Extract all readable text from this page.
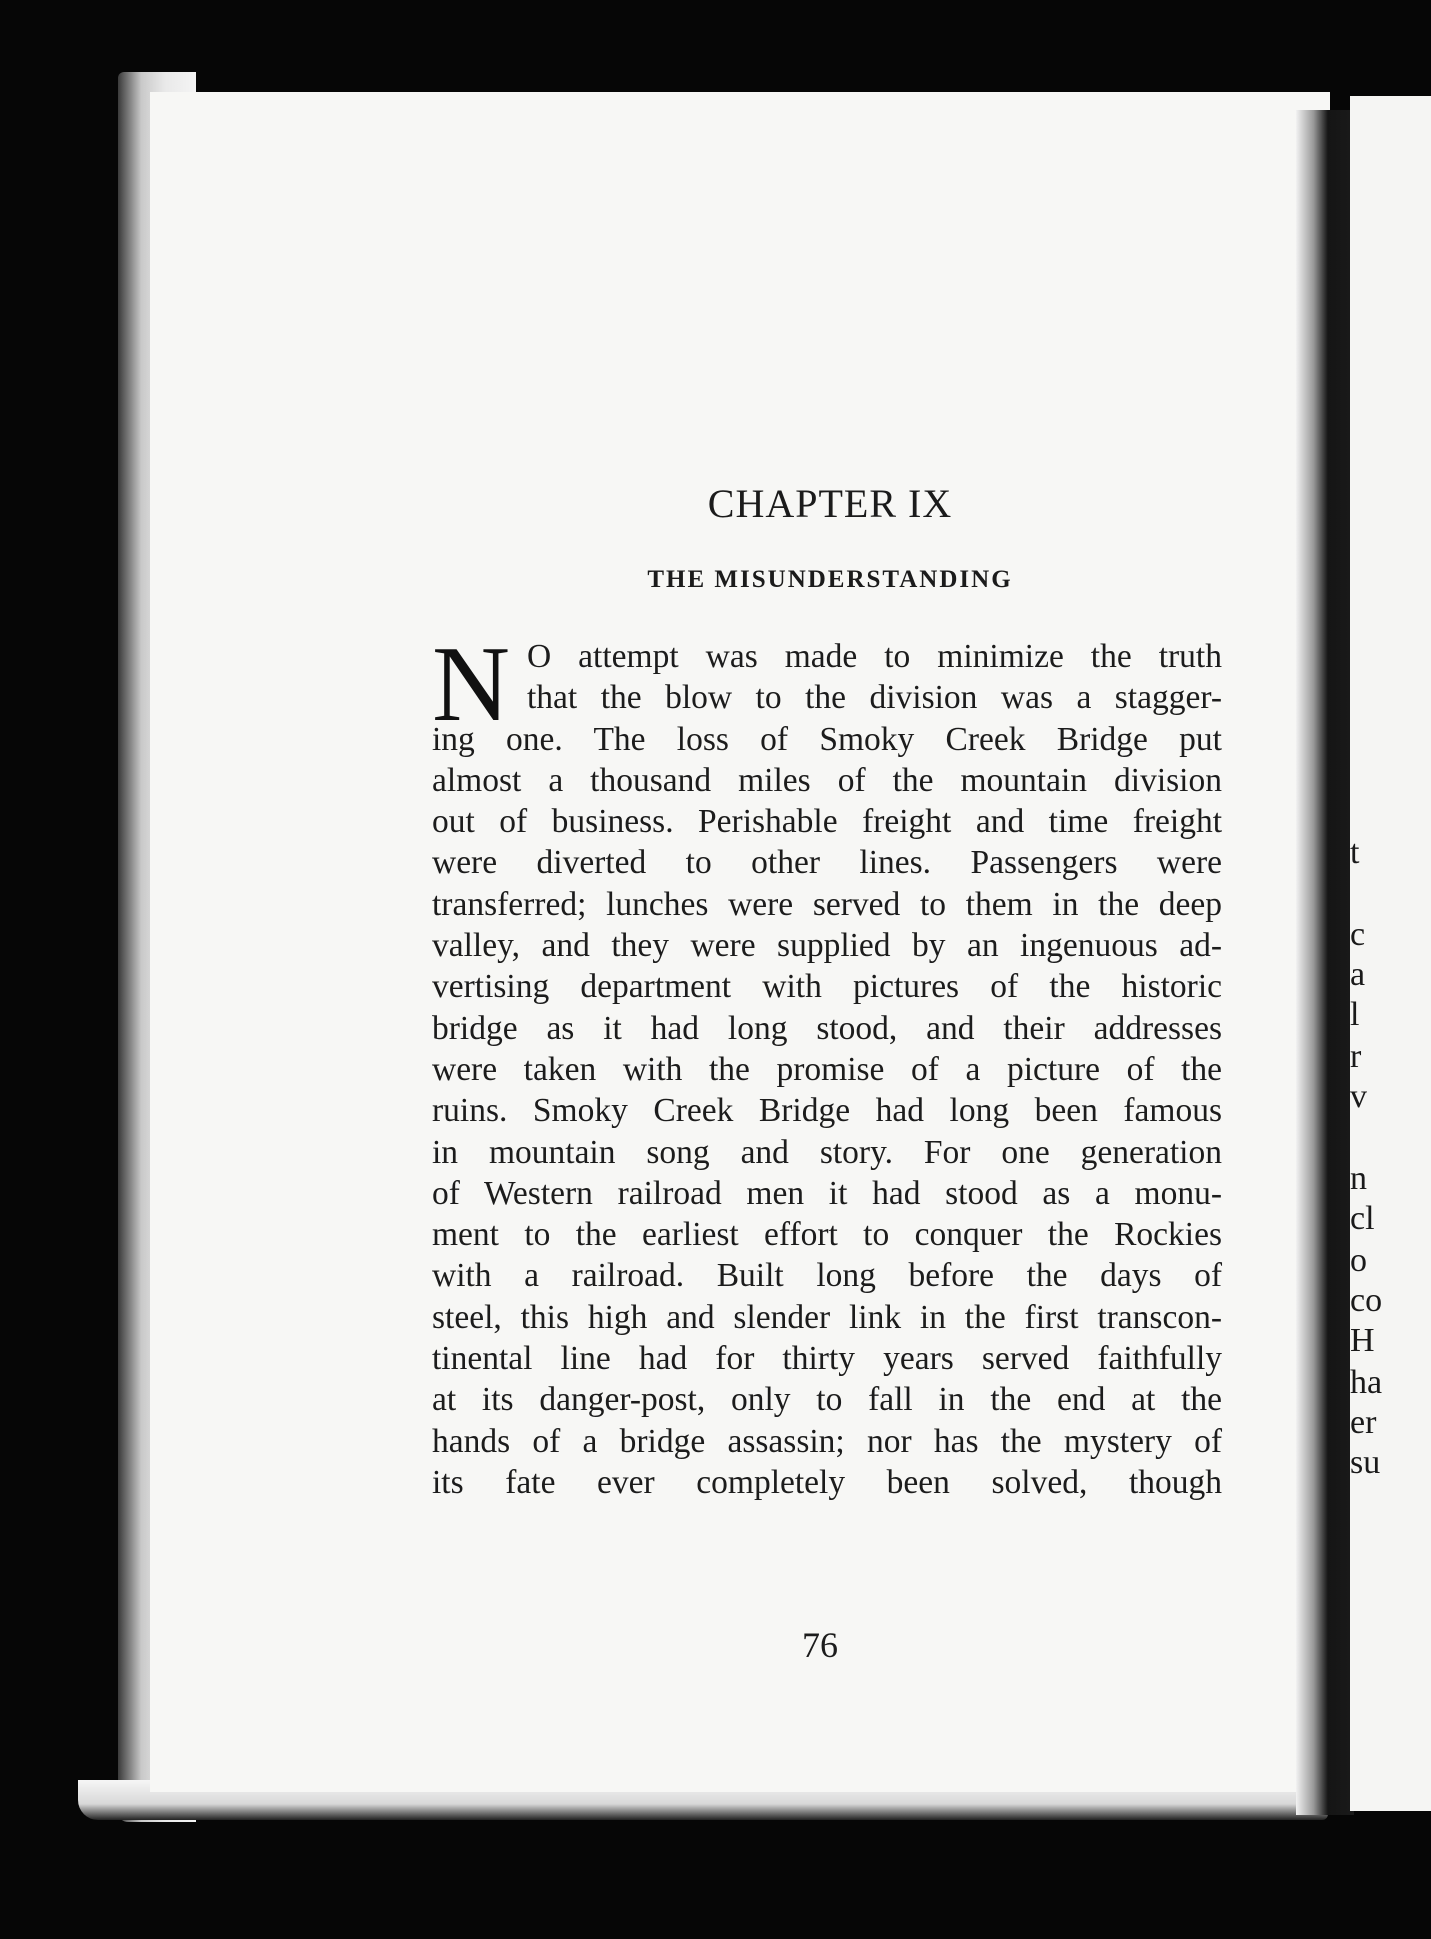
t
c
a
l
r
v
n
cl
o
co
H
ha
er
su
CHAPTER IX
THE MISUNDERSTANDING
N O attempt was made to minimize the truth
that the blow to the division was a stagger-
ing one. The loss of Smoky Creek Bridge put
almost a thousand miles of the mountain division
out of business. Perishable freight and time freight
were diverted to other lines. Passengers were
transferred; lunches were served to them in the deep
valley, and they were supplied by an ingenuous ad-
vertising department with pictures of the historic
bridge as it had long stood, and their addresses
were taken with the promise of a picture of the
ruins. Smoky Creek Bridge had long been famous
in mountain song and story. For one generation
of Western railroad men it had stood as a monu-
ment to the earliest effort to conquer the Rockies
with a railroad. Built long before the days of
steel, this high and slender link in the first transcon-
tinental line had for thirty years served faithfully
at its danger-post, only to fall in the end at the
hands of a bridge assassin; nor has the mystery of
its fate ever completely been solved, though
76
